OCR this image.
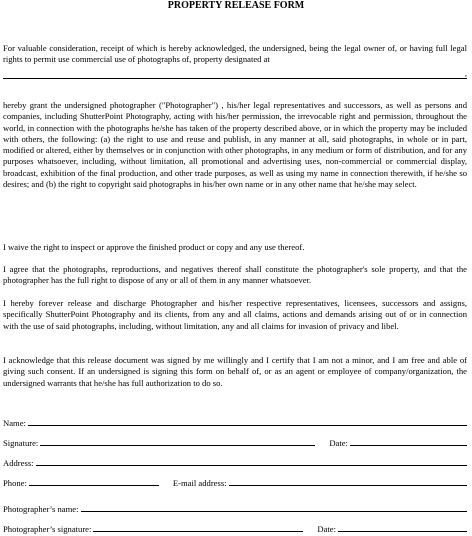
PROPERTY RELEASE FORM
For valuable consideration, receipt of which is hereby acknowledged, the undersigned, being the legal owner of, or having full legal rights to permit use commercial use of photographs of, property designated at
,
hereby grant the undersigned photographer ("Photographer") , his/her legal representatives and successors, as well as persons and companies, including ShutterPoint Photography, acting with his/her permission, the irrevocable right and permission, throughout the world, in connection with the photographs he/she has taken of the property described above, or in which the property may be included with others, the following: (a) the right to use and reuse and publish, in any manner at all, said photographs, in whole or in part, modified or altered, either by themselves or in conjunction with other photographs, in any medium or form of distribution, and for any purposes whatsoever, including, without limitation, all promotional and advertising uses, non-commercial or commercial display, broadcast, exhibition of the final production, and other trade purposes, as well as using my name in connection therewith, if he/she so desires; and (b) the right to copyright said photographs in his/her own name or in any other name that he/she may select.
I waive the right to inspect or approve the finished product or copy and any use thereof.
I agree that the photographs, reproductions, and negatives thereof shall constitute the photographer's sole property, and that the photographer has the full right to dispose of any or all of them in any manner whatsoever.
I hereby forever release and discharge Photographer and his/her respective representatives, licensees, successors and assigns, specifically ShutterPoint Photography and its clients, from any and all claims, actions and demands arising out of or in connection with the use of said photographs, including, without limitation, any and all claims for invasion of privacy and libel.
I acknowledge that this release document was signed by me willingly and I certify that I am not a minor, and I am free and able of giving such consent. If an undersigned is signing this form on behalf of, or as an agent or employee of company/organization, the undersigned warrants that he/she has full authorization to do so.
Name:
Signature:	Date:
Address:
Phone:	E-mail address:
Photographer’s name:
Photographer’s signature:	Date:
